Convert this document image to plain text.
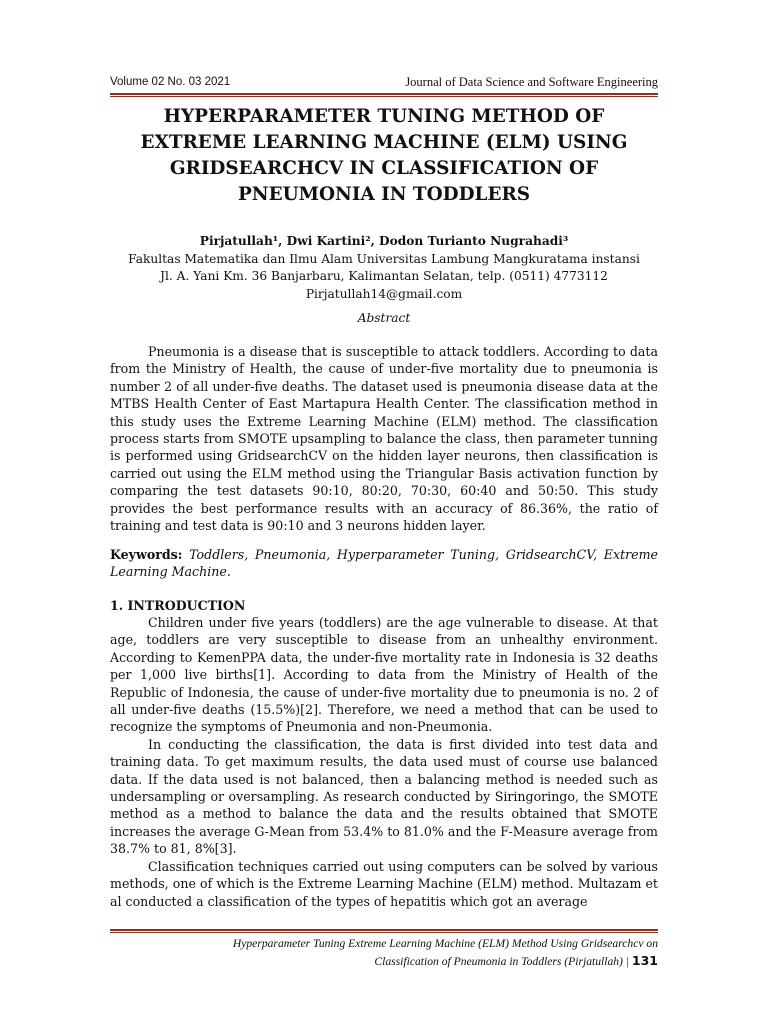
Volume 02 No. 03 2021	Journal of Data Science and Software Engineering
HYPERPARAMETER TUNING METHOD OF
EXTREME LEARNING MACHINE (ELM) USING
GRIDSEARCHCV IN CLASSIFICATION OF
PNEUMONIA IN TODDLERS
Pirjatullah¹, Dwi Kartini², Dodon Turianto Nugrahadi³
Fakultas Matematika dan Ilmu Alam Universitas Lambung Mangkuratama instansi
Jl. A. Yani Km. 36 Banjarbaru, Kalimantan Selatan, telp. (0511) 4773112
Pirjatullah14@gmail.com
Abstract

Pneumonia is a disease that is susceptible to attack toddlers. According to data from the Ministry of Health, the cause of under-five mortality due to pneumonia is number 2 of all under-five deaths. The dataset used is pneumonia disease data at the MTBS Health Center of East Martapura Health Center. The classification method in this study uses the Extreme Learning Machine (ELM) method. The classification process starts from SMOTE upsampling to balance the class, then parameter tunning is performed using GridsearchCV on the hidden layer neurons, then classification is carried out using the ELM method using the Triangular Basis activation function by comparing the test datasets 90:10, 80:20, 70:30, 60:40 and 50:50. This study provides the best performance results with an accuracy of 86.36%, the ratio of training and test data is 90:10 and 3 neurons hidden layer.

Keywords: Toddlers, Pneumonia, Hyperparameter Tuning, GridsearchCV, Extreme Learning Machine.
1. INTRODUCTION

Children under five years (toddlers) are the age vulnerable to disease. At that age, toddlers are very susceptible to disease from an unhealthy environment. According to KemenPPA data, the under-five mortality rate in Indonesia is 32 deaths per 1,000 live births[1]. According to data from the Ministry of Health of the Republic of Indonesia, the cause of under-five mortality due to pneumonia is no. 2 of all under-five deaths (15.5%)[2]. Therefore, we need a method that can be used to recognize the symptoms of Pneumonia and non-Pneumonia.

In conducting the classification, the data is first divided into test data and training data. To get maximum results, the data used must of course use balanced data. If the data used is not balanced, then a balancing method is needed such as undersampling or oversampling. As research conducted by Siringoringo, the SMOTE method as a method to balance the data and the results obtained that SMOTE increases the average G-Mean from 53.4% to 81.0% and the F-Measure average from 38.7% to 81, 8%[3].

Classification techniques carried out using computers can be solved by various methods, one of which is the Extreme Learning Machine (ELM) method. Multazam et al conducted a classification of the types of hepatitis which got an average

Hyperparameter Tuning Extreme Learning Machine (ELM) Method Using Gridsearchcv on
Classification of Pneumonia in Toddlers (Pirjatullah) | 131
